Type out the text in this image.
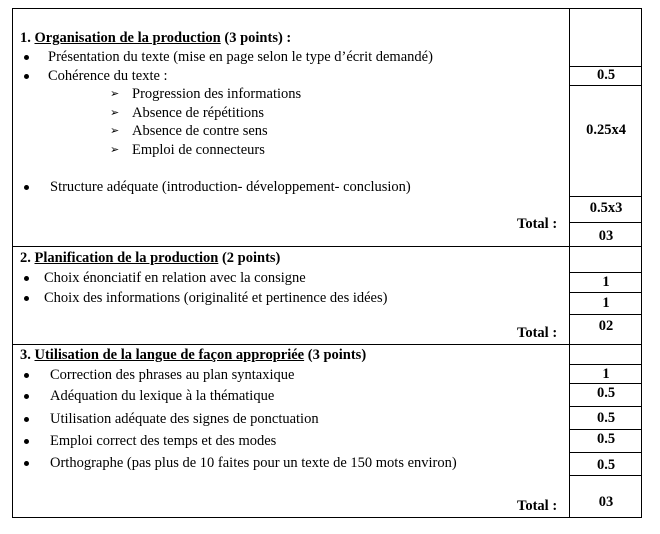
1. Organisation de la production (3 points) :
Présentation du texte (mise en page selon le type d’écrit demandé)
Cohérence du texte :
➢ Progression des informations
➢ Absence de répétitions
➢ Absence de contre sens
➢ Emploi de connecteurs
Structure adéquate (introduction- développement- conclusion)
Total :
0.5
0.25x4
0.5x3
03
2. Planification de la production (2 points)
Choix énonciatif en relation avec la consigne
Choix des informations (originalité et pertinence des idées)
Total :
1
1
02
3. Utilisation de la langue de façon appropriée (3 points)
Correction des phrases au plan syntaxique
Adéquation du lexique à la thématique
Utilisation adéquate des signes de ponctuation
Emploi correct des temps et des modes
Orthographe (pas plus de 10 faites pour un texte de 150 mots environ)
Total :
1
0.5
0.5
0.5
0.5
03
